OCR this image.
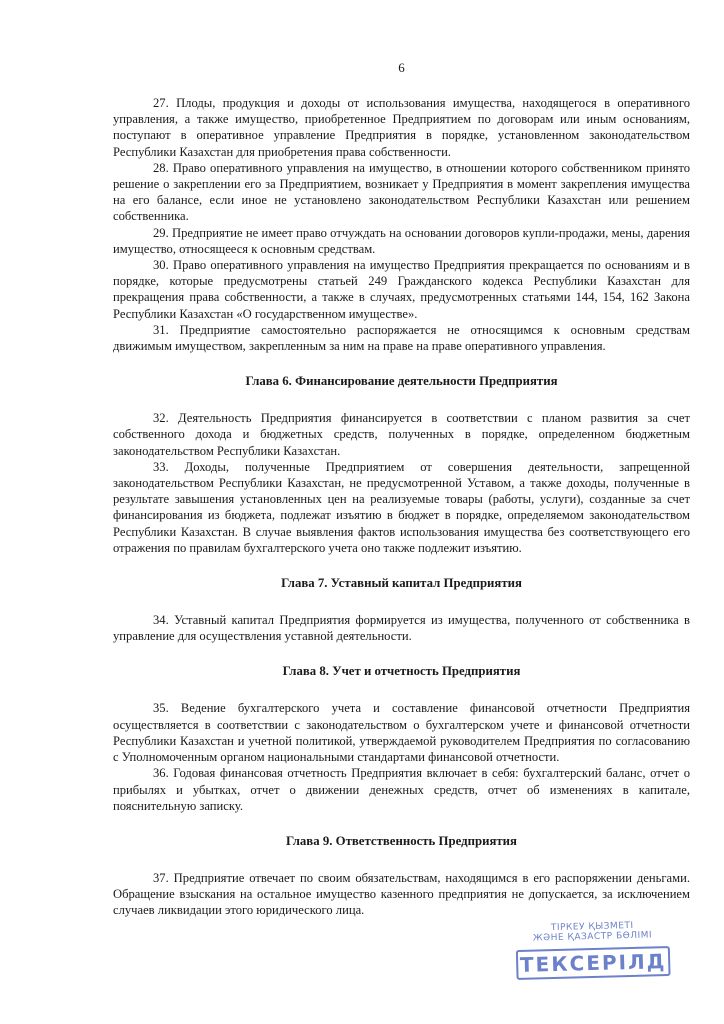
6

27. Плоды, продукция и доходы от использования имущества, находящегося в оперативного управления, а также имущество, приобретенное Предприятием по договорам или иным основаниям, поступают в оперативное управление Предприятия в порядке, установленном законодательством Республики Казахстан для приобретения права собственности.

28. Право оперативного управления на имущество, в отношении которого собственником принято решение о закреплении его за Предприятием, возникает у Предприятия в момент закрепления имущества на его балансе, если иное не установлено законодательством Республики Казахстан или решением собственника.

29. Предприятие не имеет право отчуждать на основании договоров купли-продажи, мены, дарения имущество, относящееся к основным средствам.

30. Право оперативного управления на имущество Предприятия прекращается по основаниям и в порядке, которые предусмотрены статьей 249 Гражданского кодекса Республики Казахстан для прекращения права собственности, а также в случаях, предусмотренных статьями 144, 154, 162 Закона Республики Казахстан «О государственном имуществе».

31. Предприятие самостоятельно распоряжается не относящимся к основным средствам движимым имуществом, закрепленным за ним на праве на праве оперативного управления.

Глава 6. Финансирование деятельности Предприятия

32. Деятельность Предприятия финансируется в соответствии с планом развития за счет собственного дохода и бюджетных средств, полученных в порядке, определенном бюджетным законодательством Республики Казахстан.

33. Доходы, полученные Предприятием от совершения деятельности, запрещенной законодательством Республики Казахстан, не предусмотренной Уставом, а также доходы, полученные в результате завышения установленных цен на реализуемые товары (работы, услуги), созданные за счет финансирования из бюджета, подлежат изъятию в бюджет в порядке, определяемом законодательством Республики Казахстан. В случае выявления фактов использования имущества без соответствующего его отражения по правилам бухгалтерского учета оно также подлежит изъятию.

Глава 7. Уставный капитал Предприятия

34. Уставный капитал Предприятия формируется из имущества, полученного от собственника в управление для осуществления уставной деятельности.

Глава 8. Учет и отчетность Предприятия

35. Ведение бухгалтерского учета и составление финансовой отчетности Предприятия осуществляется в соответствии с законодательством о бухгалтерском учете и финансовой отчетности Республики Казахстан и учетной политикой, утверждаемой руководителем Предприятия по согласованию с Уполномоченным органом национальными стандартами финансовой отчетности.

36. Годовая финансовая отчетность Предприятия включает в себя: бухгалтерский баланс, отчет о прибылях и убытках, отчет о движении денежных средств, отчет об изменениях в капитале, пояснительную записку.

Глава 9. Ответственность Предприятия

37. Предприятие отвечает по своим обязательствам, находящимся в его распоряжении деньгами. Обращение взыскания на остальное имущество казенного предприятия не допускается, за исключением случаев ликвидации этого юридического лица.

ТІРКЕУ ҚЫЗМЕТІ
ЖӘНЕ ҚАЗАСТР БӨЛІМІ
ТЕКСЕРІЛД
